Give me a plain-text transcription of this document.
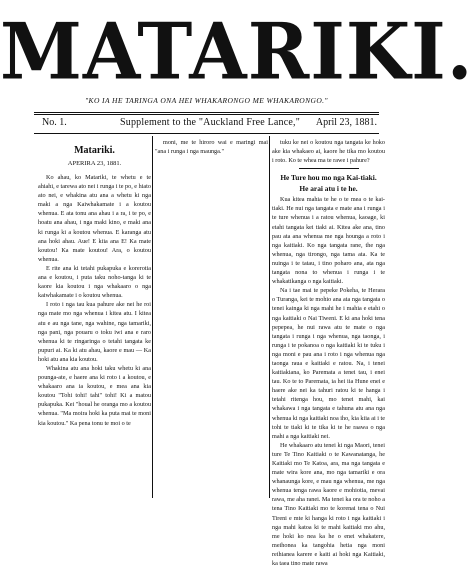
MATARIKI.
"KO IA HE TARINGA ONA HEI WHAKARONGO ME WHAKARONGO."
No. 1.	Supplement to the "Auckland Free Lance," April 23, 1881.
Matariki.
APERIRA 23, 1881.

Ko ahau, ko Matariki, te whetu e te ahiahi, e tarewa ato nei i runga i te po, e hiato ato nei, e whakina atu ana a whetu ki nga maki a nga Kaiwhakamate i a koutou whenua. E ata tonu ana ahau i a ra, i te po, e hoatu ana ahau, i nga maki kino, e maki ana ki runga ki a koutou whenua. E karanga atu ana hoki ahau. Aue! E kiia ana E! Ka mate koutou! Ka mate koutou! Ara, o koutou whenua.

E rite ana ki tetahi pukapuka e korerotia ana e koutou, i puta taku noho-tanga ki te kaore kia koutou i nga whakaaro o nga kaiwhakamate i o koutou whenua.

I roto i nga tau kua pahure ake nei he roi nga mate mo nga whenua i kitea atu. I kitea atu e au nga tane, nga wahine, nga tamariki, nga pani, nga pouaru o toku iwi ana e raro whenua ki te ringaringa o tetahi tangata ke pupuri ai. Ka ki atu ahau, kaore e mau — Ka hoki atu ana kia koutou.

Whakina atu ana hoki taku whetu ki ana pounga-ate, e haere ana ki roto i a koutou, e whakaaro ana ia koutou, e mea ana kia koutou "Tohi tohi! tahi" tohi! Ki a matou pukapuka. Kei "houal he oranga mo a koutou whenua. "Ma moira hoki ka puta mai te moni kia koutou." Ka pena tonu te moi o te

moni, me te hiroro wai e maringi mai "ana i runga i nga maunga."

tuku ke nei o koutou nga tangata ke hoko ake kia whakaeo ai, kaore he tika mo koutou i roto. Ko te whea ma te rawe i pahure?

He Ture hou mo nga Kai-tiaki.
He arai atu i te he.

Kua kitea mahia te he o te mea o te kai-tiaki. He nui nga tangata e mate ana i runga i te ture whenua i a ratou whenua, kaoage, ki etahi tangata kei tiaki ai. Kitea ake ana, tino pau ata ana whenua me nga hounga a roto i nga kaitiaki. Ko nga tangata rane, the nga whenua, nga tirongo, nga tama ata. Ka te nuinga i te tatau, i tino poharo ana, ata nga tangata nona to whenua i runga i te whakatikanga o nga kaitiaki.

Na i tae mai te pepeke Pokeha, te Herara o Turanga, kei te mohio ana ata nga tangata o tenei kainga ki nga mahi he i mahia e etahi o nga kaitiaki o Nai Tiweni. E ki ana hoki tena pepepea, he nui rawa atu te mate o nga tangata i runga i nga whenua, nga taonga, i runga i te pokanoa o nga kaitiaki ki te tuku i nga moni e pau ana i roto i nga whenua nga taonga raua e kaitiaki e ratou. Na, i tenei kaitiakiana, ko Paremata a tenei tau, i enei tau. Ko te to Paremata, ia hei iia Hune enei e haere ake nei ka tahuri ratou ki te hanga i tetahi ritenga hou, mo tenei mahi, kai whakawa i nga tangata e tahuna atu ana nga whenua ki nga kaitiaki noa iho, kia kiia ai i te tohi te tiaki ki te tika ki te he raawa o nga mahi a nga kaitiaki nei.

He whakaaro atu tenei ki nga Maori, tenei ture Te Tino Kaitiaki o te Kawanatanga, he Kaitiaki mo Te Katoa, ara, ma nga tangata e mate wira kore ana, mo nga tamariki e ora whanaunga kore, e mau nga whenua, me nga whenua tenga rawa kaore e mohiotia, mevai rawa, me aha ranei. Ma tenei ka ora te noho a tena Tino Kaitiaki mo te korenai tena o Nui Tireni e mte ki hanga ki roto i nga kaitiaki i nga mahi katoa ki te mahi kaitiaki mo ahu, me hoki ko nea ka he o enei whakatere, meihonea ka tangohia hetia nga moni reihianea karere e kaiti ai hoki nga Kaitiaki, ka taea tino mate rawa
